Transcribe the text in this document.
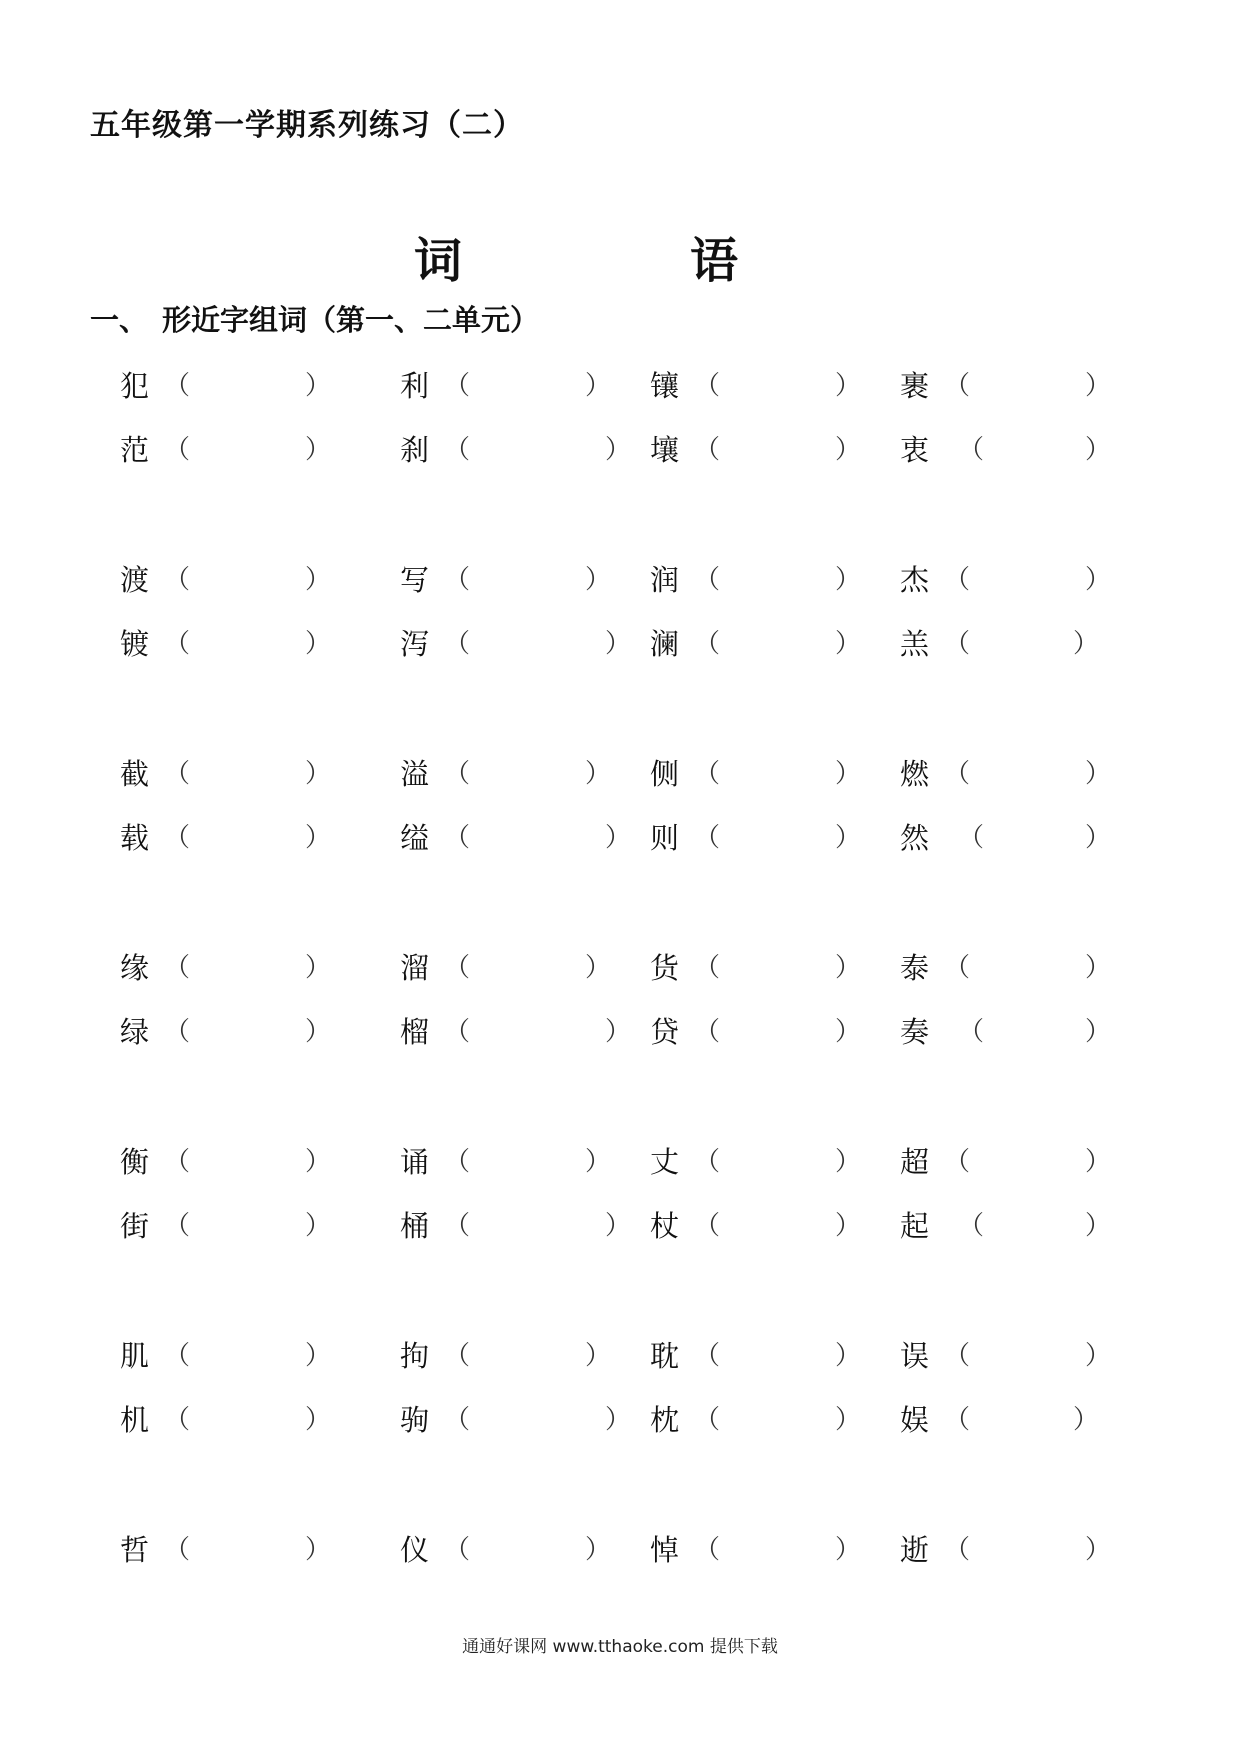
五年级第一学期系列练习（二）
词	语
一、 形近字组词（第一、二单元）
犯 （	） 利 （	） 镶 （	） 裹 （	）
范 （	） 刹 （	） 壤 （	） 衷 （	）
渡 （	） 写 （	） 润 （	） 杰 （	）
镀 （	） 泻 （	） 澜 （	） 羔 （	）
截 （	） 溢 （	） 侧 （	） 燃 （	）
载 （	） 缢 （	） 则 （	） 然 （	）
缘 （	） 溜 （	） 货 （	） 泰 （	）
绿 （	） 榴 （	） 贷 （	） 奏 （	）
衡 （	） 诵 （	） 丈 （	） 超 （	）
街 （	） 桶 （	） 杖 （	） 起 （	）
肌 （	） 拘 （	） 耽 （	） 误 （	）
机 （	） 驹 （	） 枕 （	） 娱 （	）
哲 （	） 仪 （	） 悼 （	） 逝 （	）
通通好课网 www.tthaoke.com 提供下载
